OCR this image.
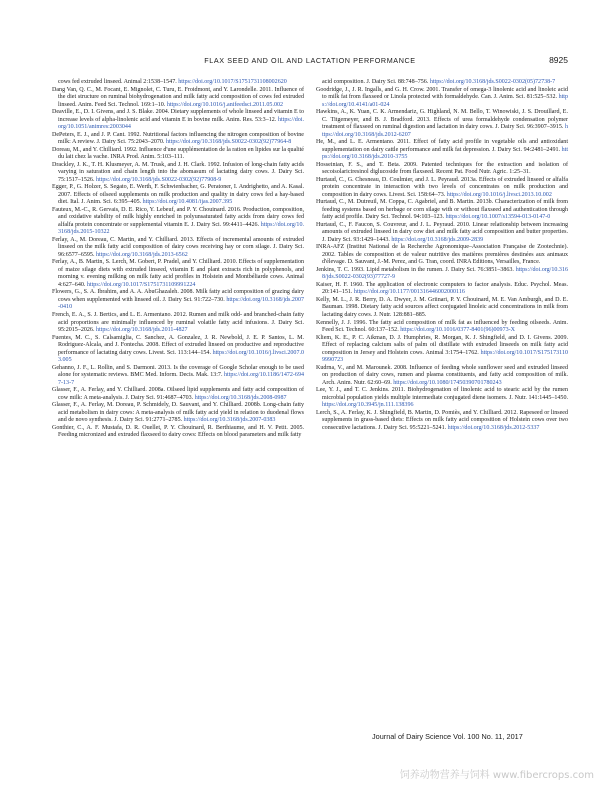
FLAX SEED AND OIL AND LACTATION PERFORMANCE	8925

cows fed extruded linseed. Animal 2:1538–1547. https://doi.org/10.1017/S1751731108002620

Dang Van, Q. C., M. Focant, E. Mignolet, C. Turu, E. Froidmont, and Y. Larondelle. 2011. Influence of the diet structure on ruminal biohydrogenation and milk fatty acid composition of cows fed extruded linseed. Anim. Feed Sci. Technol. 169:1–10. https://doi.org/10.1016/j.anifeedsci.2011.05.002

Deaville, E., D. I. Givens, and J. S. Blake. 2004. Dietary supplements of whole linseed and vitamin E to increase levels of alpha-linolenic acid and vitamin E in bovine milk. Anim. Res. 53:3–12. https://doi.org/10.1051/animres:2003044

DePeters, E. J., and J. P. Cant. 1992. Nutritional factors influencing the nitrogen composition of bovine milk: A review. J. Dairy Sci. 75:2043–2070. https://doi.org/10.3168/jds.S0022-0302(92)77964-8

Doreau, M., and Y. Chilliard. 1992. Influence d'une supplémentation de la ration en lipides sur la qualité du lait chez la vache. INRA Prod. Anim. 5:103–111.

Drackley, J. K., T. H. Klusmeyer, A. M. Trusk, and J. H. Clark. 1992. Infusion of long-chain fatty acids varying in saturation and chain length into the abomasum of lactating dairy cows. J. Dairy Sci. 75:1517–1526. https://doi.org/10.3168/jds.S0022-0302(92)77908-9

Egger, P., G. Holzer, S. Segato, E. Werth, F. Schwienbacher, G. Peratoner, I. Andrighetto, and A. Kasal. 2007. Effects of oilseed supplements on milk production and quality in dairy cows fed a hay-based diet. Ital. J. Anim. Sci. 6:395–405. https://doi.org/10.4081/ijas.2007.395

Fauteux, M.-C., R. Gervais, D. E. Rico, Y. Lebeuf, and P. Y. Chouinard. 2016. Production, composition, and oxidative stability of milk highly enriched in polyunsaturated fatty acids from dairy cows fed alfalfa protein concentrate or supplemental vitamin E. J. Dairy Sci. 99:4411–4426. https://doi.org/10.3168/jds.2015-10322

Ferlay, A., M. Doreau, C. Martin, and Y. Chilliard. 2013. Effects of incremental amounts of extruded linseed on the milk fatty acid composition of dairy cows receiving hay or corn silage. J. Dairy Sci. 96:6577–6595. https://doi.org/10.3168/jds.2013-6562

Ferlay, A., B. Martin, S. Lerch, M. Gobert, P. Pradel, and Y. Chilliard. 2010. Effects of supplementation of maize silage diets with extruded linseed, vitamin E and plant extracts rich in polyphenols, and morning v. evening milking on milk fatty acid profiles in Holstein and Montbéliarde cows. Animal 4:627–640. https://doi.org/10.1017/S1751731109991224

Flowers, G., S. A. Ibrahim, and A. A. AbuGhazaleh. 2008. Milk fatty acid composition of grazing dairy cows when supplemented with linseed oil. J. Dairy Sci. 91:722–730. https://doi.org/10.3168/jds.2007-0410

French, E. A., S. J. Bertics, and L. E. Armentano. 2012. Rumen and milk odd- and branched-chain fatty acid proportions are minimally influenced by ruminal volatile fatty acid infusions. J. Dairy Sci. 95:2015–2026. https://doi.org/10.3168/jds.2011-4827

Fuentes, M. C., S. Calsamiglia, C. Sanchez, A. Gonzalez, J. R. Newbold, J. E. P. Santos, L. M. Rodriguez-Alcala, and J. Fontecha. 2008. Effect of extruded linseed on productive and reproductive performance of lactating dairy cows. Livest. Sci. 113:144–154. https://doi.org/10.1016/j.livsci.2007.03.005

Gehanno, J. F., L. Rollin, and S. Darmoni. 2013. Is the coverage of Google Scholar enough to be used alone for systematic reviews. BMC Med. Inform. Decis. Mak. 13:7. https://doi.org/10.1186/1472-6947-13-7

Glasser, F., A. Ferlay, and Y. Chilliard. 2008a. Oilseed lipid supplements and fatty acid composition of cow milk: A meta-analysis. J. Dairy Sci. 91:4687–4703. https://doi.org/10.3168/jds.2008-0987

Glasser, F., A. Ferlay, M. Doreau, P. Schmidely, D. Sauvant, and Y. Chilliard. 2008b. Long-chain fatty acid metabolism in dairy cows: A meta-analysis of milk fatty acid yield in relation to duodenal flows and de novo synthesis. J. Dairy Sci. 91:2771–2785. https://doi.org/10.3168/jds.2007-0383

Gonthier, C., A. F. Mustafa, D. R. Ouellet, P. Y. Chouinard, R. Berthiaume, and H. V. Petit. 2005. Feeding micronized and extruded flaxseed to dairy cows: Effects on blood parameters and milk fatty

acid composition. J. Dairy Sci. 88:748–756. https://doi.org/10.3168/jds.S0022-0302(05)72738-7

Goodridge, J., J. R. Ingalls, and G. H. Crow. 2001. Transfer of omega-3 linolenic acid and linoleic acid to milk fat from flaxseed or Linola protected with formaldehyde. Can. J. Anim. Sci. 81:525–532. https://doi.org/10.4141/a01-024

Hawkins, A., K. Yuan, C. K. Armendariz, G. Highland, N. M. Bello, T. Winowiski, J. S. Drouillard, E. C. Titgemeyer, and B. J. Bradford. 2013. Effects of urea formaldehyde condensation polymer treatment of flaxseed on ruminal digestion and lactation in dairy cows. J. Dairy Sci. 96:3907–3915. https://doi.org/10.3168/jds.2012-6207

He, M., and L. E. Armentano. 2011. Effect of fatty acid profile in vegetable oils and antioxidant supplementation on dairy cattle performance and milk fat depression. J. Dairy Sci. 94:2481–2491. https://doi.org/10.3168/jds.2010-3755

Hosseinian, F. S., and T. Beta. 2009. Patented techniques for the extraction and isolation of secoisolariciresinol diglucoside from flaxseed. Recent Pat. Food Nutr. Agric. 1:25–31.

Hurtaud, C., G. Chesneau, D. Coulmier, and J. L. Peyraud. 2013a. Effects of extruded linseed or alfalfa protein concentrate in interaction with two levels of concentrates on milk production and composition in dairy cows. Livest. Sci. 158:64–73. https://doi.org/10.1016/j.livsci.2013.10.002

Hurtaud, C., M. Dutreuil, M. Coppa, C. Agabriel, and B. Martin. 2013b. Characterization of milk from feeding systems based on herbage or corn silage with or without flaxseed and authentication through fatty acid profile. Dairy Sci. Technol. 94:103–123. https://doi.org/10.1007/s13594-013-0147-0

Hurtaud, C., F. Faucon, S. Couvreur, and J. L. Peyraud. 2010. Linear relationship between increasing amounts of extruded linseed in dairy cow diet and milk fatty acid composition and butter properties. J. Dairy Sci. 93:1429–1443. https://doi.org/10.3168/jds.2009-2839

INRA-AFZ (Institut National de la Recherche Agronomique–Association Française de Zootechnie). 2002. Tables de composition et de valeur nutritive des matières premières destinées aux animaux d'élevage. D. Sauvant, J.-M. Perez, and G. Tran, coord. INRA Editions, Versailles, France.

Jenkins, T. C. 1993. Lipid metabolism in the rumen. J. Dairy Sci. 76:3851–3863. https://doi.org/10.3168/jds.S0022-0302(93)77727-9

Kaiser, H. F. 1960. The application of electronic computers to factor analysis. Educ. Psychol. Meas. 20:141–151. https://doi.org/10.1177/001316446002000116

Kelly, M. L., J. R. Berry, D. A. Dwyer, J. M. Griinari, P. Y. Chouinard, M. E. Van Amburgh, and D. E. Bauman. 1998. Dietary fatty acid sources affect conjugated linoleic acid concentrations in milk from lactating dairy cows. J. Nutr. 128:881–885.

Kennelly, J. J. 1996. The fatty acid composition of milk fat as influenced by feeding oilseeds. Anim. Feed Sci. Technol. 60:137–152. https://doi.org/10.1016/0377-8401(96)00973-X

Kliem, K. E., P. C. Aikman, D. J. Humphries, R. Morgan, K. J. Shingfield, and D. I. Givens. 2009. Effect of replacing calcium salts of palm oil distillate with extruded linseeds on milk fatty acid composition in Jersey and Holstein cows. Animal 3:1754–1762. https://doi.org/10.1017/S1751731109990723

Kudrna, V., and M. Marounek. 2008. Influence of feeding whole sunflower seed and extruded linseed on production of dairy cows, rumen and plasma constituents, and fatty acid composition of milk. Arch. Anim. Nutr. 62:60–69. https://doi.org/10.1080/17450390701780243

Lee, Y. J., and T. C. Jenkins. 2011. Biohydrogenation of linolenic acid to stearic acid by the rumen microbial population yields multiple intermediate conjugated diene isomers. J. Nutr. 141:1445–1450. https://doi.org/10.3945/jn.111.138396

Lerch, S., A. Ferlay, K. J. Shingfield, B. Martin, D. Pomiès, and Y. Chilliard. 2012. Rapeseed or linseed supplements in grass-based diets: Effects on milk fatty acid composition of Holstein cows over two consecutive lactations. J. Dairy Sci. 95:5221–5241. https://doi.org/10.3168/jds.2012-5337

Journal of Dairy Science Vol. 100 No. 11, 2017
饲养动物营养与饲料 www.fibercrops.com
